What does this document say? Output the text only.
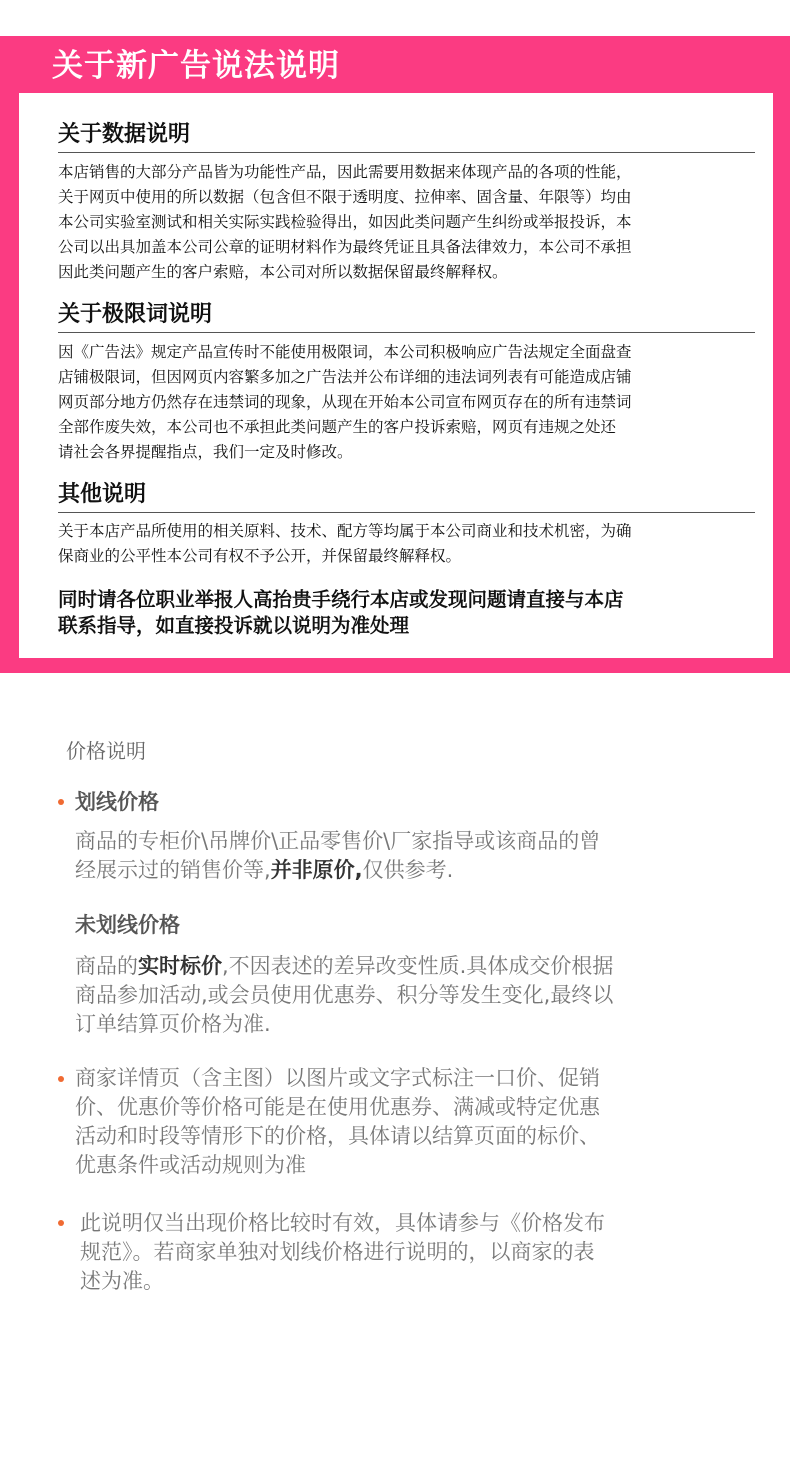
关于新广告说法说明
关于数据说明
本店销售的大部分产品皆为功能性产品，因此需要用数据来体现产品的各项的性能，
关于网页中使用的所以数据（包含但不限于透明度、拉伸率、固含量、年限等）均由
本公司实验室测试和相关实际实践检验得出，如因此类问题产生纠纷或举报投诉，本
公司以出具加盖本公司公章的证明材料作为最终凭证且具备法律效力，本公司不承担
因此类问题产生的客户索赔，本公司对所以数据保留最终解释权。
关于极限词说明
因《广告法》规定产品宣传时不能使用极限词，本公司积极响应广告法规定全面盘查
店铺极限词，但因网页内容繁多加之广告法并公布详细的违法词列表有可能造成店铺
网页部分地方仍然存在违禁词的现象，从现在开始本公司宣布网页存在的所有违禁词
全部作废失效，本公司也不承担此类问题产生的客户投诉索赔，网页有违规之处还
请社会各界提醒指点，我们一定及时修改。
其他说明
关于本店产品所使用的相关原料、技术、配方等均属于本公司商业和技术机密，为确
保商业的公平性本公司有权不予公开，并保留最终解释权。
同时请各位职业举报人高抬贵手绕行本店或发现问题请直接与本店
联系指导，如直接投诉就以说明为准处理
价格说明
划线价格
商品的专柜价\吊牌价\正品零售价\厂家指导或该商品的曾
经展示过的销售价等,并非原价,仅供参考.
未划线价格
商品的实时标价,不因表述的差异改变性质.具体成交价根据
商品参加活动,或会员使用优惠券、积分等发生变化,最终以
订单结算页价格为准.
商家详情页（含主图）以图片或文字式标注一口价、促销
价、优惠价等价格可能是在使用优惠券、满减或特定优惠
活动和时段等情形下的价格，具体请以结算页面的标价、
优惠条件或活动规则为准
此说明仅当出现价格比较时有效，具体请参与《价格发布
规范》。若商家单独对划线价格进行说明的，以商家的表
述为准。
